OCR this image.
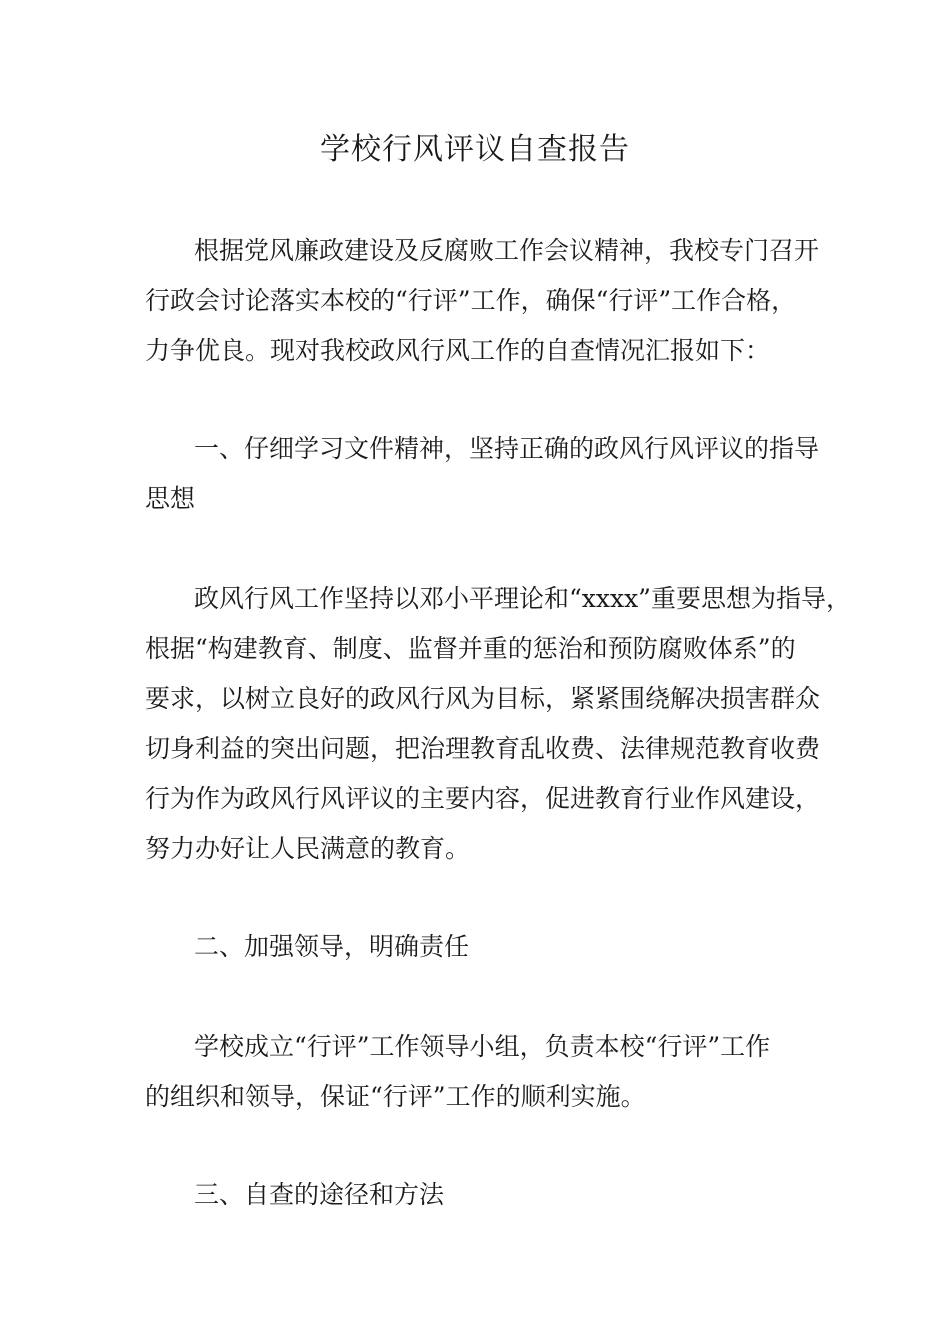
学校行风评议自查报告
根据党风廉政建设及反腐败工作会议精神，我校专门召开
行政会讨论落实本校的“行评”工作，确保“行评”工作合格，
力争优良。现对我校政风行风工作的自查情况汇报如下：
一、仔细学习文件精神，坚持正确的政风行风评议的指导
思想
政风行风工作坚持以邓小平理论和“xxxx”重要思想为指导，
根据“构建教育、制度、监督并重的惩治和预防腐败体系”的
要求，以树立良好的政风行风为目标，紧紧围绕解决损害群众
切身利益的突出问题，把治理教育乱收费、法律规范教育收费
行为作为政风行风评议的主要内容，促进教育行业作风建设，
努力办好让人民满意的教育。
二、加强领导，明确责任
学校成立“行评”工作领导小组，负责本校“行评”工作
的组织和领导，保证“行评”工作的顺利实施。
三、自查的途径和方法
